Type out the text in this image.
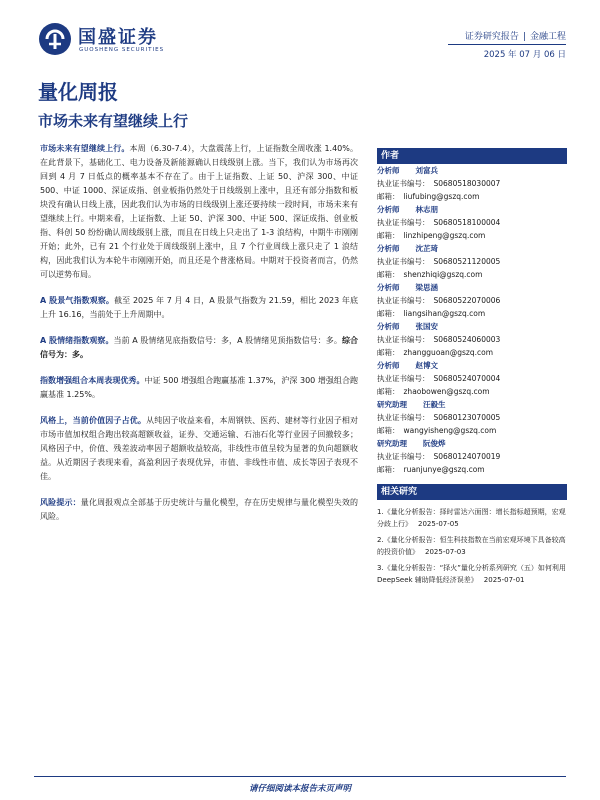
国盛证券
GUOSHENG SECURITIES
证券研究报告 | 金融工程
2025 年 07 月 06 日
量化周报
市场未来有望继续上行

市场未来有望继续上行。本周（6.30-7.4），大盘震荡上行，上证指数全周收涨 1.40%。在此背景下，基础化工、电力设备及新能源确认日线级别上涨。当下，我们认为市场再次回到 4 月 7 日低点的概率基本不存在了。由于上证指数、上证 50、沪深 300、中证 500、中证 1000、深证成指、创业板指仍然处于日线级别上涨中，且还有部分指数和板块没有确认日线上涨，因此我们认为市场的日线级别上涨还要持续一段时间，市场未来有望继续上行。中期来看，上证指数、上证 50、沪深 300、中证 500、深证成指、创业板指、科创 50 纷纷确认周线级别上涨，而且在日线上只走出了 1-3 浪结构，中期牛市刚刚开始；此外，已有 21 个行业处于周线级别上涨中，且 7 个行业周线上涨只走了 1 浪结构，因此我们认为本轮牛市刚刚开始，而且还是个普涨格局。中期对于投资者而言，仍然可以逆势布局。

A 股景气指数观察。截至 2025 年 7 月 4 日，A 股景气指数为 21.59，相比 2023 年底上升 16.16，当前处于上升周期中。

A 股情绪指数观察。当前 A 股情绪见底指数信号：多，A 股情绪见顶指数信号：多。综合信号为：多。

指数增强组合本周表现优秀。中证 500 增强组合跑赢基准 1.37%，沪深 300 增强组合跑赢基准 1.25%。

风格上，当前价值因子占优。从纯因子收益来看，本周钢铁、医药、建材等行业因子相对市场市值加权组合跑出较高超额收益，证券、交通运输、石油石化等行业因子回撤较多；风格因子中，价值、残差波动率因子超额收益较高，非线性市值呈较为显著的负向超额收益。从近期因子表现来看，高盈利因子表现优异，市值、非线性市值、成长等因子表现不佳。

风险提示：量化周报观点全部基于历史统计与量化模型，存在历史规律与量化模型失效的风险。

作者
分析师 刘富兵
执业证书编号： S0680518030007
邮箱： liufubing@gszq.com
分析师 林志朋
执业证书编号： S0680518100004
邮箱： linzhipeng@gszq.com
分析师 沈芷琦
执业证书编号： S0680521120005
邮箱： shenzhiqi@gszq.com
分析师 梁思涵
执业证书编号： S0680522070006
邮箱： liangsihan@gszq.com
分析师 张国安
执业证书编号： S0680524060003
邮箱： zhangguoan@gszq.com
分析师 赵博文
执业证书编号： S0680524070004
邮箱： zhaobowen@gszq.com
研究助理 汪毅生
执业证书编号： S0680123070005
邮箱： wangyisheng@gszq.com
研究助理 阮俊烨
执业证书编号： S0680124070019
邮箱： ruanjunye@gszq.com
相关研究
1.《量化分析报告：择时雷达六面图：增长指标超预期，宏观分歧上行》 2025-07-05
2.《量化分析报告：恒生科技指数在当前宏观环境下具备较高的投资价值》 2025-07-03
3.《量化分析报告：“择火”量化分析系列研究（五）如何利用 DeepSeek 辅助降低经济误差》 2025-07-01
请仔细阅读本报告末页声明
